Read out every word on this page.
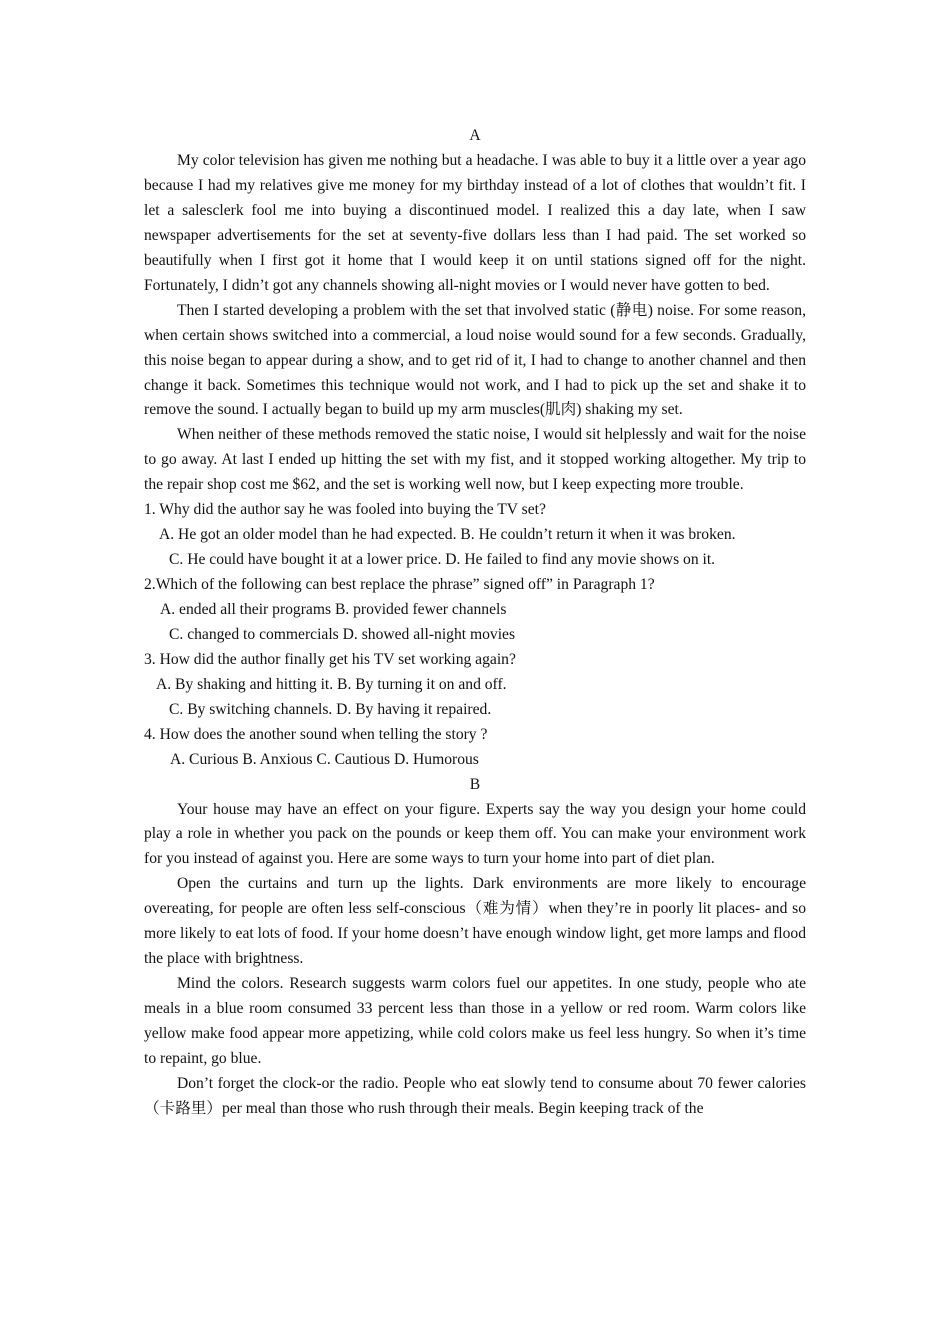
A

My color television has given me nothing but a headache. I was able to buy it a little over a year ago because I had my relatives give me money for my birthday instead of a lot of clothes that wouldn’t fit. I let a salesclerk fool me into buying a discontinued model. I realized this a day late, when I saw newspaper advertisements for the set at seventy-five dollars less than I had paid. The set worked so beautifully when I first got it home that I would keep it on until stations signed off for the night. Fortunately, I didn’t got any channels showing all-night movies or I would never have gotten to bed.

Then I started developing a problem with the set that involved static (静电) noise. For some reason, when certain shows switched into a commercial, a loud noise would sound for a few seconds. Gradually, this noise began to appear during a show, and to get rid of it, I had to change to another channel and then change it back. Sometimes this technique would not work, and I had to pick up the set and shake it to remove the sound. I actually began to build up my arm muscles(肌肉) shaking my set.

When neither of these methods removed the static noise, I would sit helplessly and wait for the noise to go away. At last I ended up hitting the set with my fist, and it stopped working altogether. My trip to the repair shop cost me $62, and the set is working well now, but I keep expecting more trouble.

1. Why did the author say he was fooled into buying the TV set?
A. He got an older model than he had expected. B. He couldn’t return it when it was broken.
C. He could have bought it at a lower price. D. He failed to find any movie shows on it.
2.Which of the following can best replace the phrase” signed off” in Paragraph 1?
A. ended all their programs B. provided fewer channels
C. changed to commercials D. showed all-night movies
3. How did the author finally get his TV set working again?
A. By shaking and hitting it. B. By turning it on and off.
C. By switching channels. D. By having it repaired.
4. How does the another sound when telling the story ?
A. Curious B. Anxious C. Cautious D. Humorous
B

Your house may have an effect on your figure. Experts say the way you design your home could play a role in whether you pack on the pounds or keep them off. You can make your environment work for you instead of against you. Here are some ways to turn your home into part of diet plan.

Open the curtains and turn up the lights. Dark environments are more likely to encourage overeating, for people are often less self-conscious（难为情）when they’re in poorly lit places- and so more likely to eat lots of food. If your home doesn’t have enough window light, get more lamps and flood the place with brightness.

Mind the colors. Research suggests warm colors fuel our appetites. In one study, people who ate meals in a blue room consumed 33 percent less than those in a yellow or red room. Warm colors like yellow make food appear more appetizing, while cold colors make us feel less hungry. So when it’s time to repaint, go blue.

Don’t forget the clock-or the radio. People who eat slowly tend to consume about 70 fewer calories（卡路里）per meal than those who rush through their meals. Begin keeping track of the
